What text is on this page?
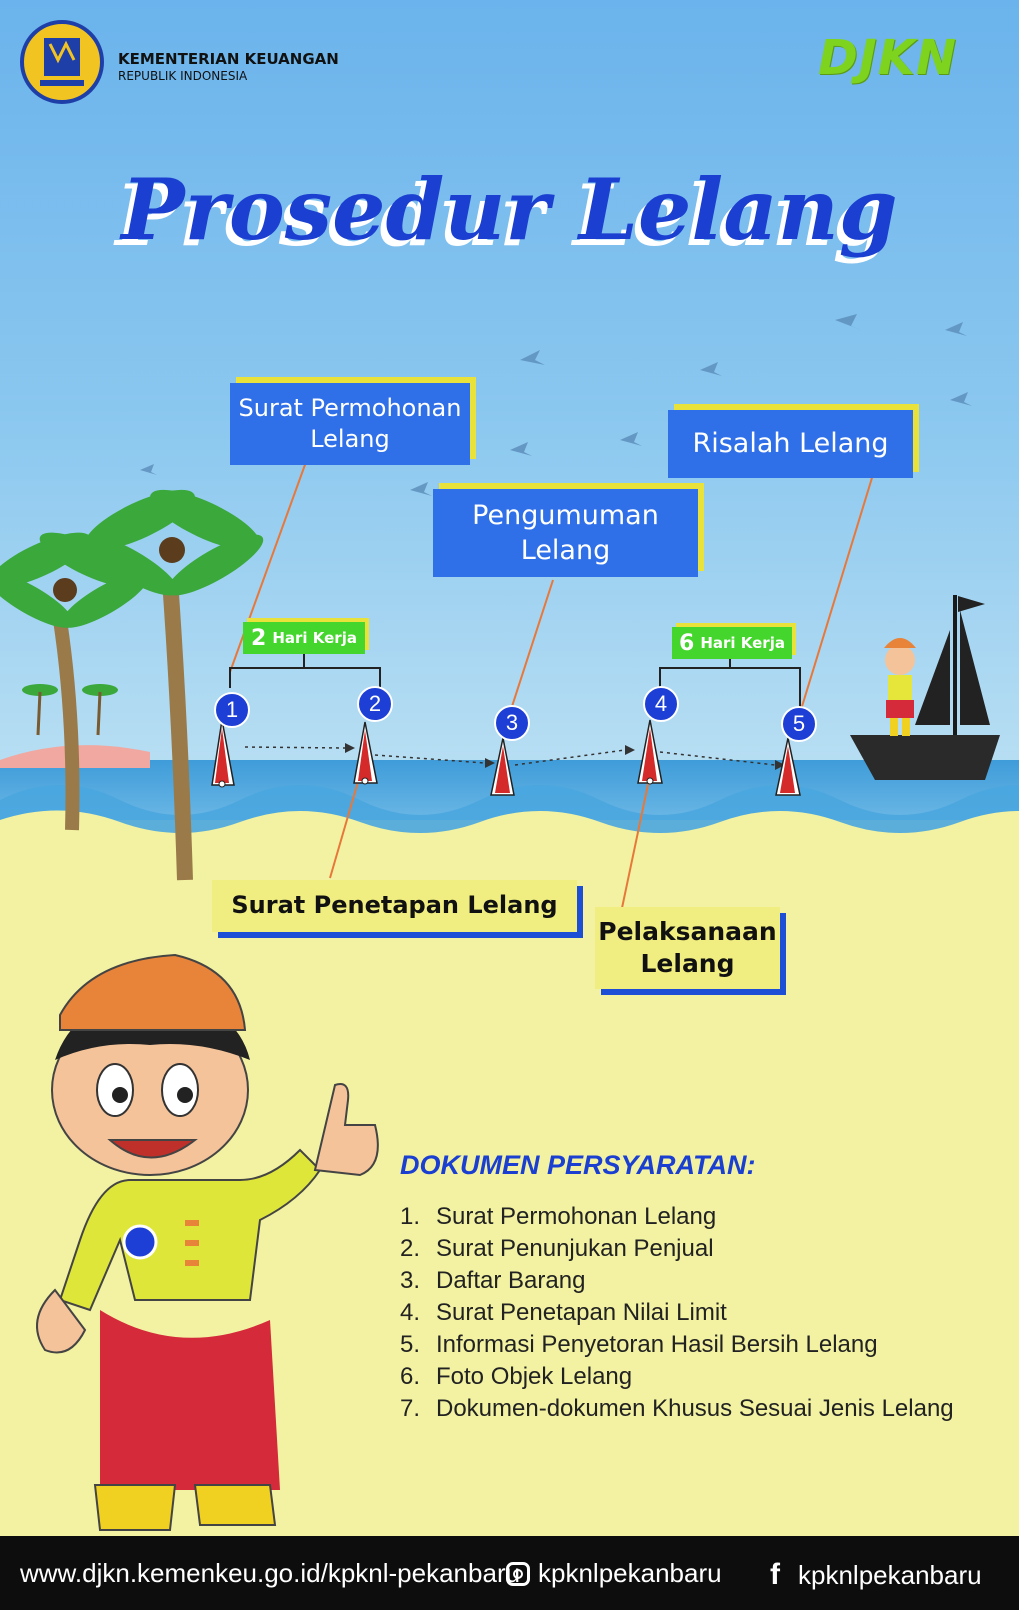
KEMENTERIAN KEUANGAN
REPUBLIK INDONESIA	DJKN
Prosedur Lelang
Surat Permohonan Lelang
Pengumuman Lelang
Risalah Lelang
Surat Penetapan Lelang
Pelaksanaan Lelang
2 Hari Kerja	6 Hari Kerja
1	2
3
4
5
DOKUMEN PERSYARATAN:
1. Surat Permohonan Lelang
2. Surat Penunjukan Penjual
3. Daftar Barang
4. Surat Penetapan Nilai Limit
5. Informasi Penyetoran Hasil Bersih Lelang
6. Foto Objek Lelang
7. Dokumen-dokumen Khusus Sesuai Jenis Lelang
www.djkn.kemenkeu.go.id/kpknl-pekanbaru kpknlpekanbaru f kpknlpekanbaru
